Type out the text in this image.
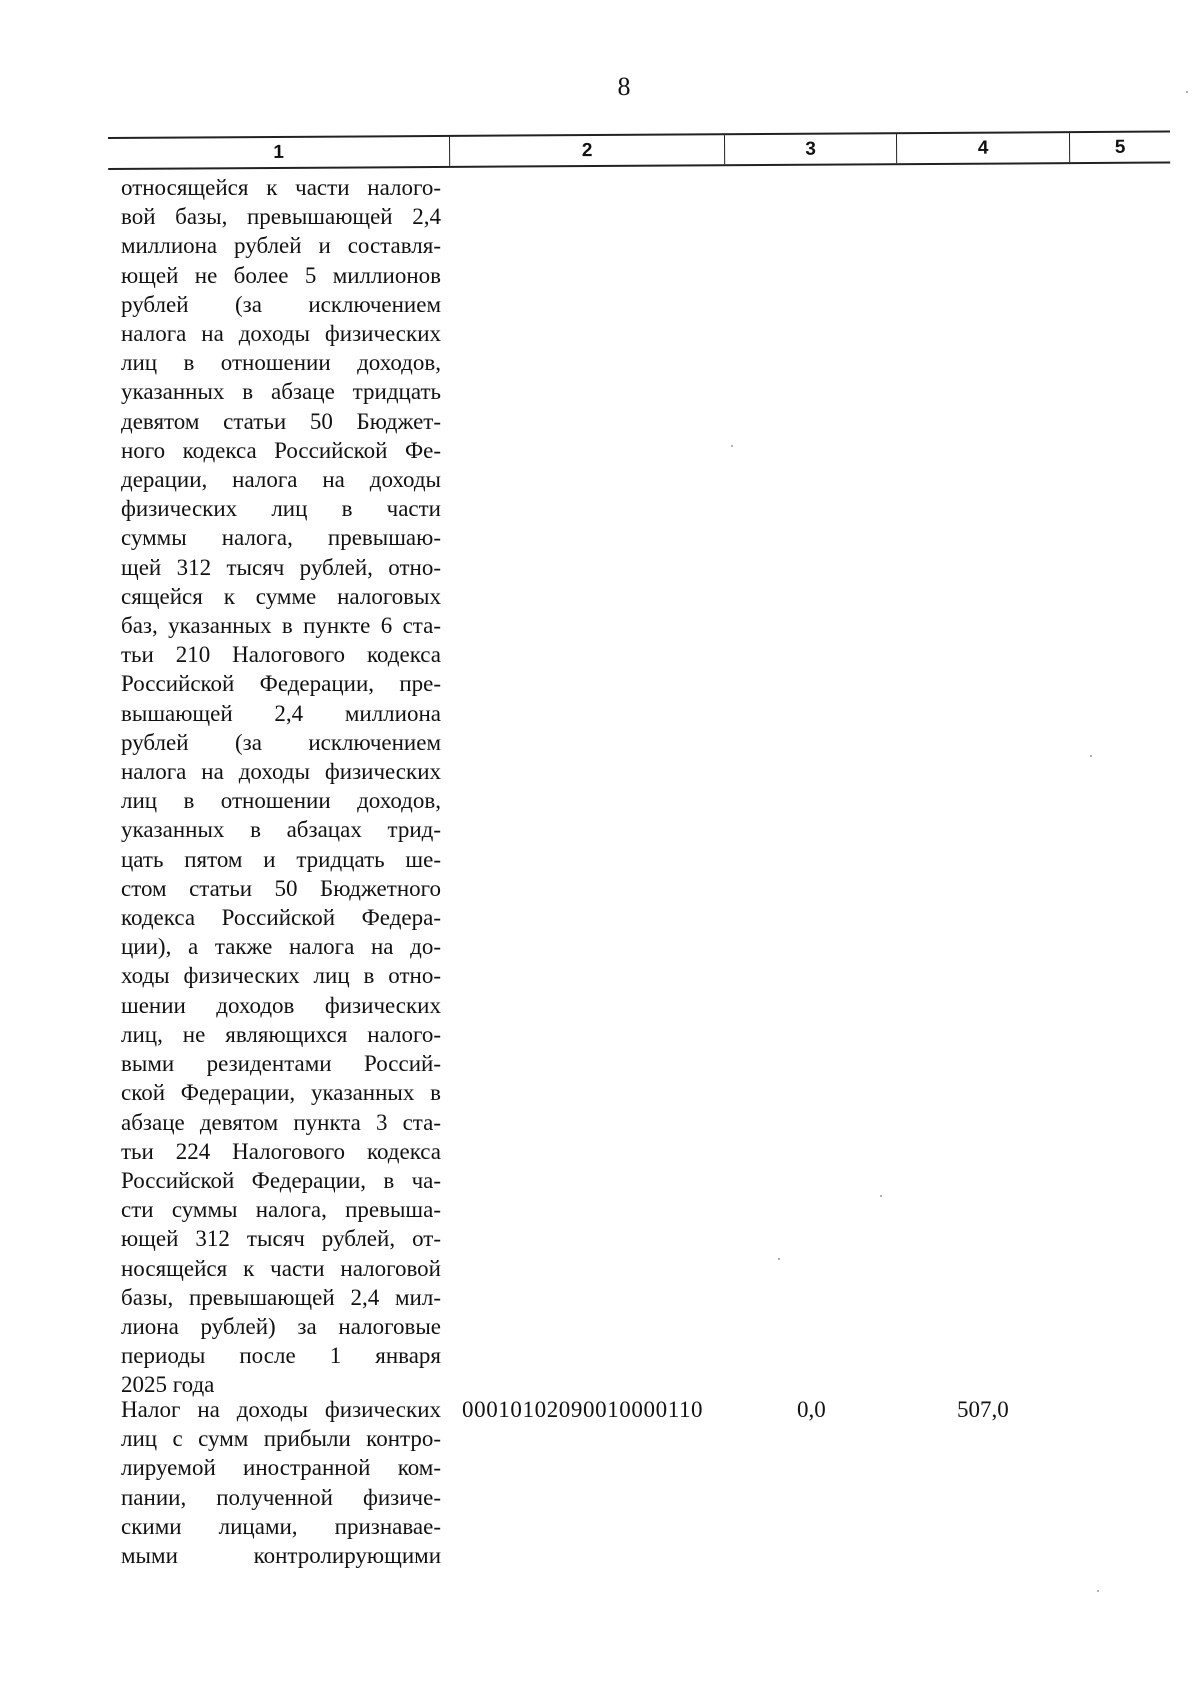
8
1	2	3	4	5
относящейся к части налого-
вой базы, превышающей 2,4
миллиона рублей и составля-
ющей не более 5 миллионов
рублей (за исключением
налога на доходы физических
лиц в отношении доходов,
указанных в абзаце тридцать
девятом статьи 50 Бюджет-
ного кодекса Российской Фе-
дерации, налога на доходы
физических лиц в части
суммы налога, превышаю-
щей 312 тысяч рублей, отно-
сящейся к сумме налоговых
баз, указанных в пункте 6 ста-
тьи 210 Налогового кодекса
Российской Федерации, пре-
вышающей 2,4 миллиона
рублей (за исключением
налога на доходы физических
лиц в отношении доходов,
указанных в абзацах трид-
цать пятом и тридцать ше-
стом статьи 50 Бюджетного
кодекса Российской Федера-
ции), а также налога на до-
ходы физических лиц в отно-
шении доходов физических
лиц, не являющихся налого-
выми резидентами Россий-
ской Федерации, указанных в
абзаце девятом пункта 3 ста-
тьи 224 Налогового кодекса
Российской Федерации, в ча-
сти суммы налога, превыша-
ющей 312 тысяч рублей, от-
носящейся к части налоговой
базы, превышающей 2,4 мил-
лиона рублей) за налоговые
периоды после 1 января
2025 года
Налог на доходы физических
лиц с сумм прибыли контро-
лируемой иностранной ком-
пании, полученной физиче-
скими лицами, признавае-
мыми контролирующими
00010102090010000110	0,0	507,0
